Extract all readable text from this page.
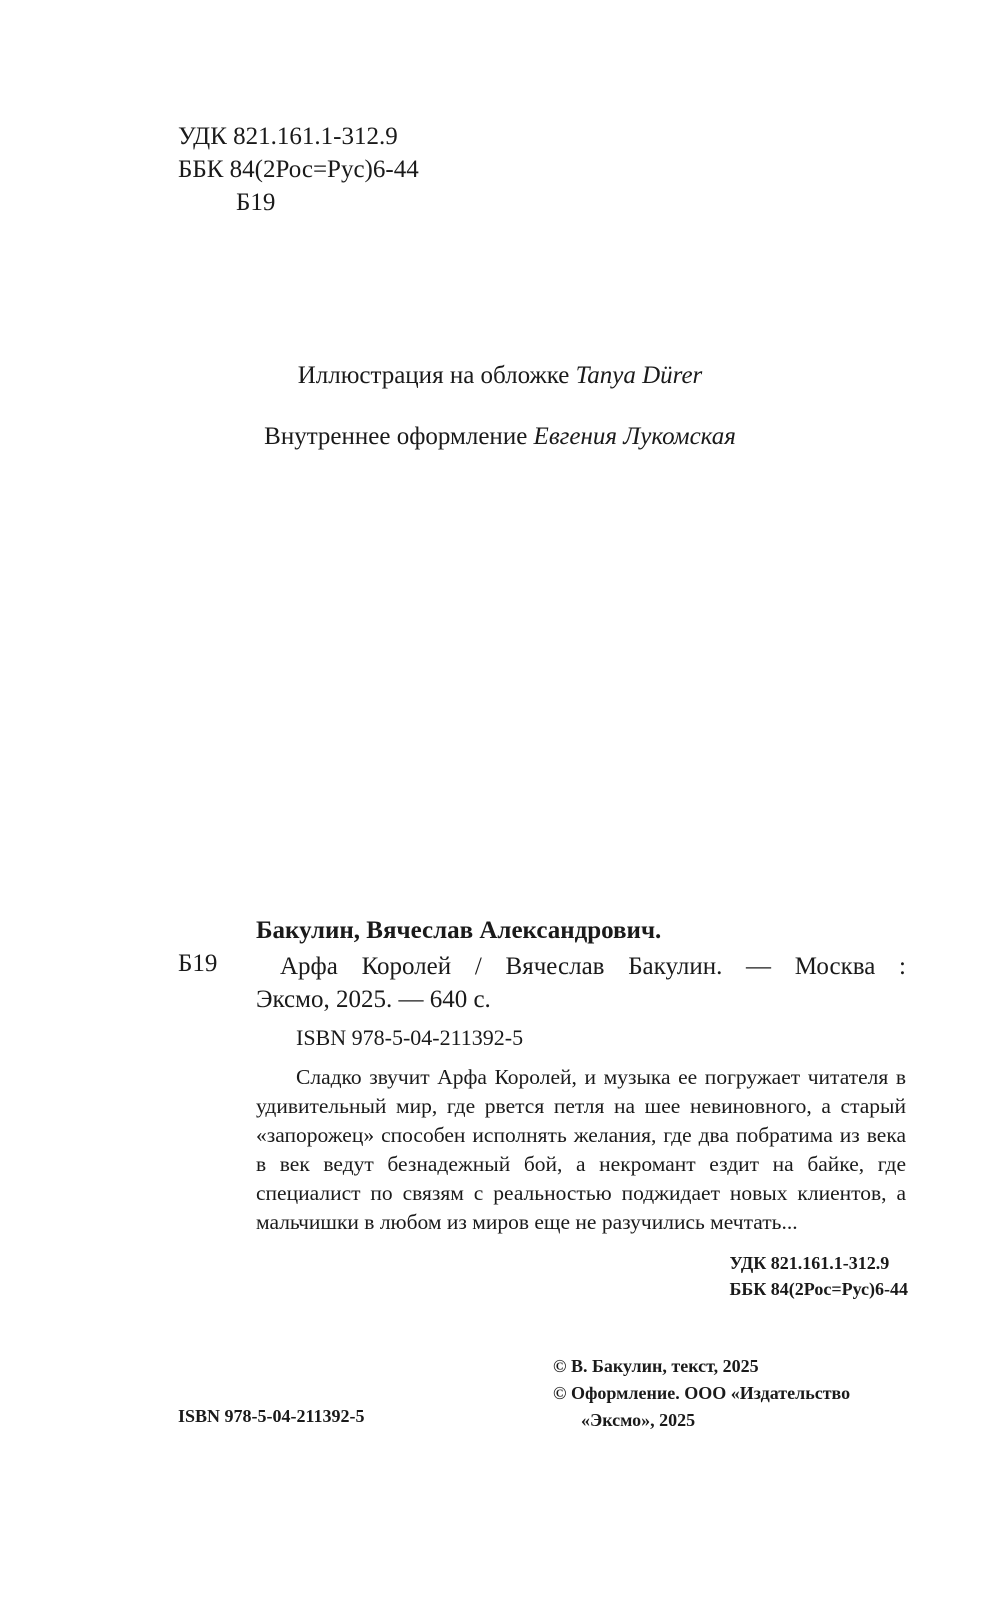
УДК 821.161.1-312.9
ББК 84(2Рос=Рус)6-44
Б19
Иллюстрация на обложке Tanya Dürer
Внутреннее оформление Евгения Лукомская
Бакулин, Вячеслав Александрович.
Б19	Арфа Королей / Вячеслав Бакулин. — Москва :
Эксмо, 2025. — 640 с.
ISBN 978-5-04-211392-5

Сладко звучит Арфа Королей, и музыка ее погружает читателя в удивительный мир, где рвется петля на шее невиновного, а старый «запорожец» способен исполнять желания, где два побратима из века в век ведут безнадежный бой, а некромант ездит на байке, где специалист по связям с реальностью поджидает новых клиентов, а мальчишки в любом из миров еще не разучились мечтать...

УДК 821.161.1-312.9
ББК 84(2Рос=Рус)6-44
© В. Бакулин, текст, 2025
© Оформление. ООО «Издательство
«Эксмо», 2025
ISBN 978-5-04-211392-5
